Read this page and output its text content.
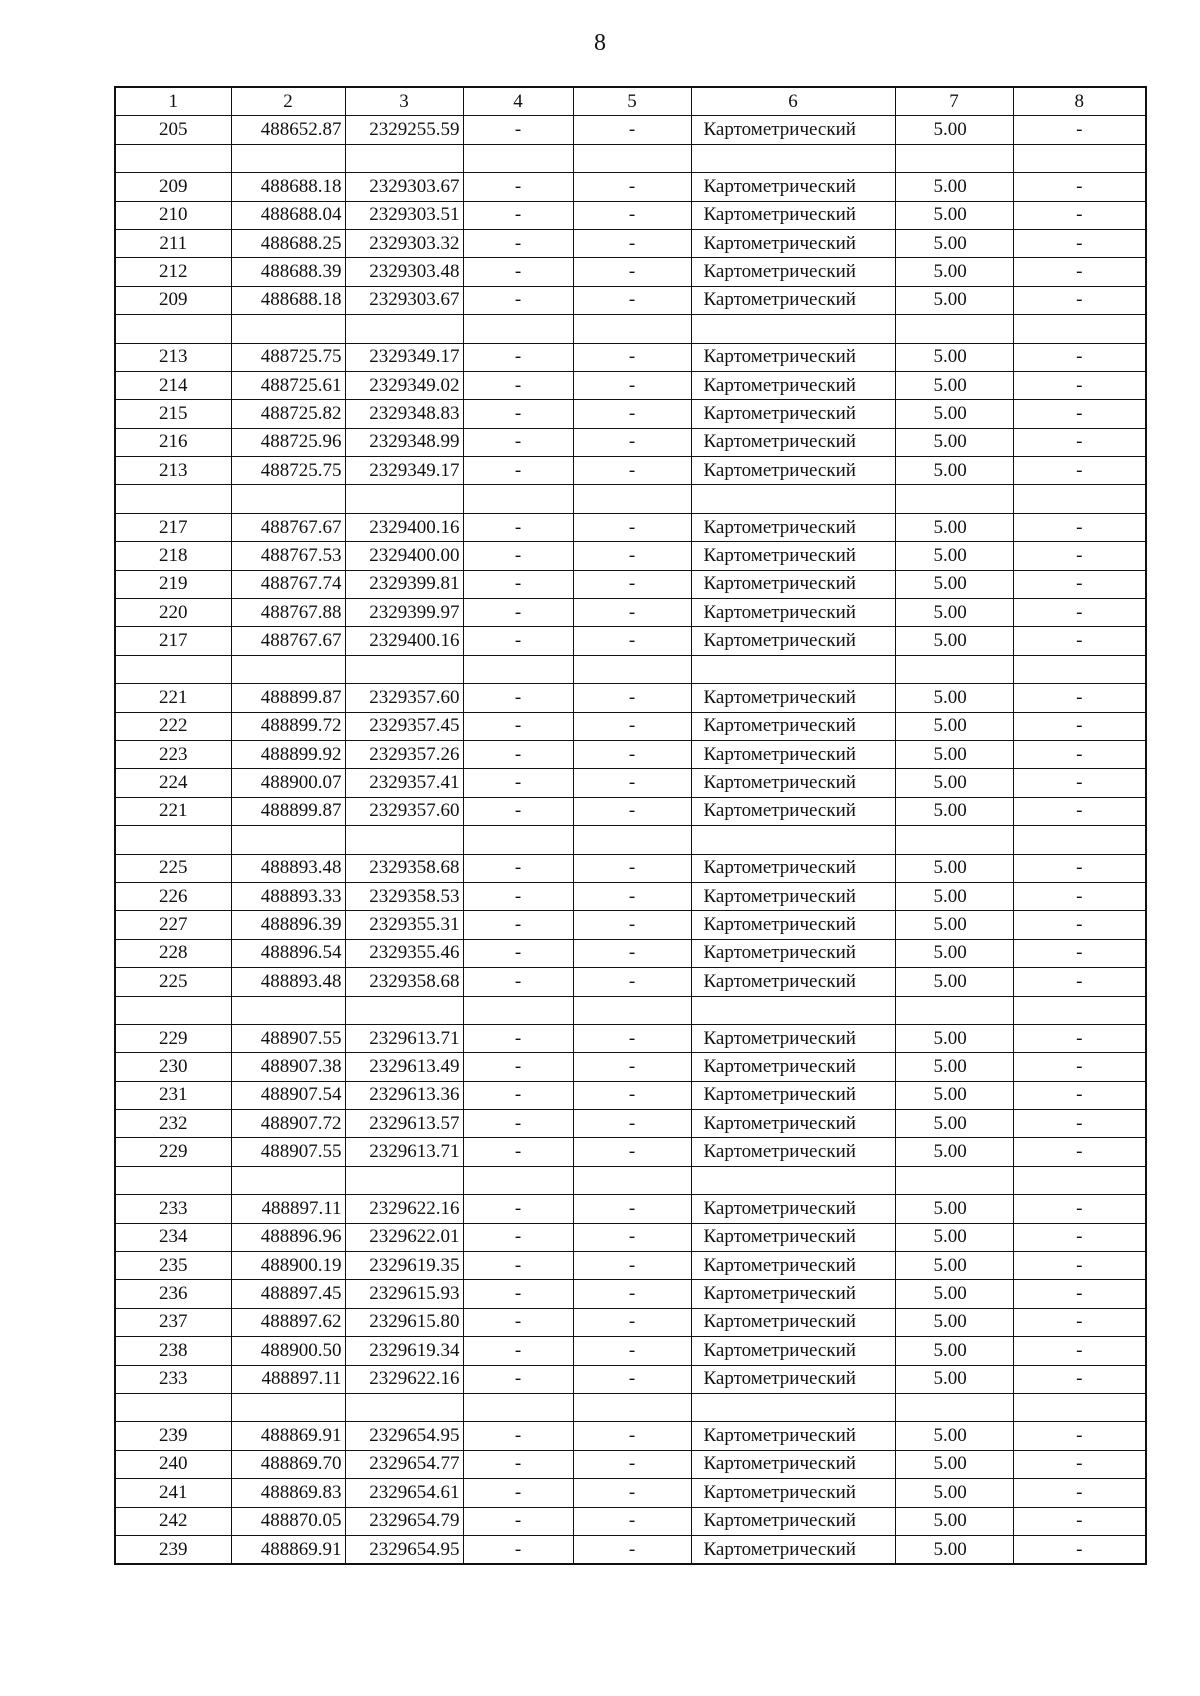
8
1	2	3	4	5	6	7	8
205	488652.87	2329255.59	-	-	Картометрический	5.00	-

209	488688.18	2329303.67	-	-	Картометрический	5.00	-
210	488688.04	2329303.51	-	-	Картометрический	5.00	-
211	488688.25	2329303.32	-	-	Картометрический	5.00	-
212	488688.39	2329303.48	-	-	Картометрический	5.00	-
209	488688.18	2329303.67	-	-	Картометрический	5.00	-

213	488725.75	2329349.17	-	-	Картометрический	5.00	-
214	488725.61	2329349.02	-	-	Картометрический	5.00	-
215	488725.82	2329348.83	-	-	Картометрический	5.00	-
216	488725.96	2329348.99	-	-	Картометрический	5.00	-
213	488725.75	2329349.17	-	-	Картометрический	5.00	-

217	488767.67	2329400.16	-	-	Картометрический	5.00	-
218	488767.53	2329400.00	-	-	Картометрический	5.00	-
219	488767.74	2329399.81	-	-	Картометрический	5.00	-
220	488767.88	2329399.97	-	-	Картометрический	5.00	-
217	488767.67	2329400.16	-	-	Картометрический	5.00	-

221	488899.87	2329357.60	-	-	Картометрический	5.00	-
222	488899.72	2329357.45	-	-	Картометрический	5.00	-
223	488899.92	2329357.26	-	-	Картометрический	5.00	-
224	488900.07	2329357.41	-	-	Картометрический	5.00	-
221	488899.87	2329357.60	-	-	Картометрический	5.00	-

225	488893.48	2329358.68	-	-	Картометрический	5.00	-
226	488893.33	2329358.53	-	-	Картометрический	5.00	-
227	488896.39	2329355.31	-	-	Картометрический	5.00	-
228	488896.54	2329355.46	-	-	Картометрический	5.00	-
225	488893.48	2329358.68	-	-	Картометрический	5.00	-

229	488907.55	2329613.71	-	-	Картометрический	5.00	-
230	488907.38	2329613.49	-	-	Картометрический	5.00	-
231	488907.54	2329613.36	-	-	Картометрический	5.00	-
232	488907.72	2329613.57	-	-	Картометрический	5.00	-
229	488907.55	2329613.71	-	-	Картометрический	5.00	-

233	488897.11	2329622.16	-	-	Картометрический	5.00	-
234	488896.96	2329622.01	-	-	Картометрический	5.00	-
235	488900.19	2329619.35	-	-	Картометрический	5.00	-
236	488897.45	2329615.93	-	-	Картометрический	5.00	-
237	488897.62	2329615.80	-	-	Картометрический	5.00	-
238	488900.50	2329619.34	-	-	Картометрический	5.00	-
233	488897.11	2329622.16	-	-	Картометрический	5.00	-

239	488869.91	2329654.95	-	-	Картометрический	5.00	-
240	488869.70	2329654.77	-	-	Картометрический	5.00	-
241	488869.83	2329654.61	-	-	Картометрический	5.00	-
242	488870.05	2329654.79	-	-	Картометрический	5.00	-
239	488869.91	2329654.95	-	-	Картометрический	5.00	-
